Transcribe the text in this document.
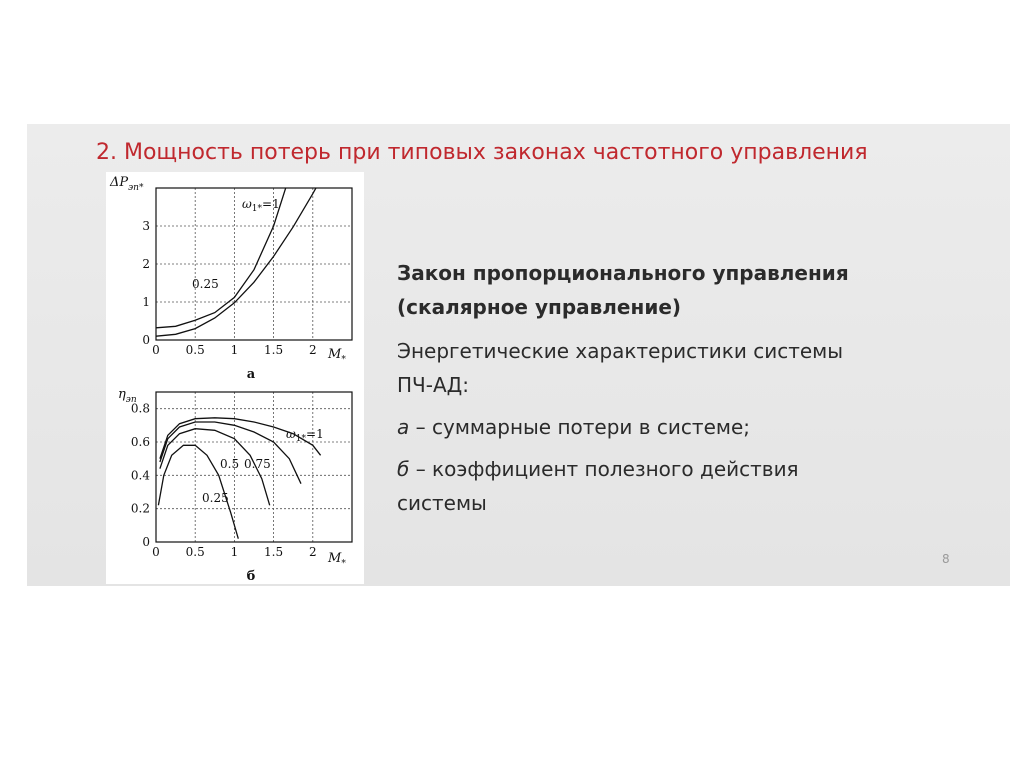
2. Мощность потерь при типовых законах частотного управления
0 0.5 1 1.5 2
0
1
2
3
$\Delta P_{эп*}$
$M_*$
а
$\omega_{1*}=1$
0.25
0 0.5 1 1.5 2
0
0.2
0.4
0.6
0.8
$\eta_{эп}$
$M_*$
б
$\omega_{1*}=1$
0.75
0.5
0.25
Закон пропорционального управления
(скалярное управление)
Энергетические характеристики системы
ПЧ-АД:
а – суммарные потери в системе;
б – коэффициент полезного действия
системы
8
